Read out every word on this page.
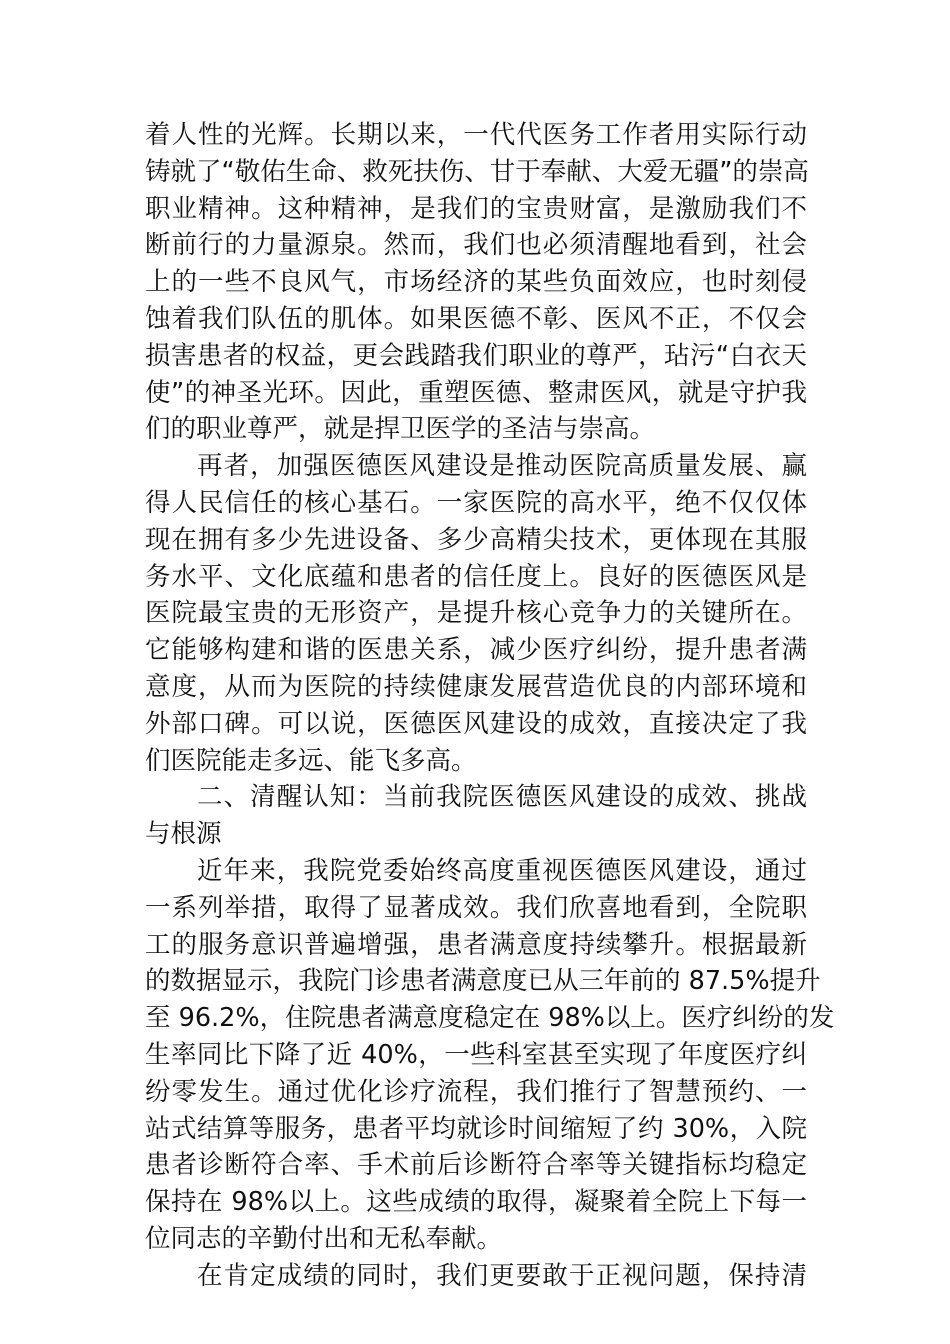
着人性的光辉。长期以来，一代代医务工作者用实际行动
铸就了“敬佑生命、救死扶伤、甘于奉献、大爱无疆”的崇高
职业精神。这种精神，是我们的宝贵财富，是激励我们不
断前行的力量源泉。然而，我们也必须清醒地看到，社会
上的一些不良风气，市场经济的某些负面效应，也时刻侵
蚀着我们队伍的肌体。如果医德不彰、医风不正，不仅会
损害患者的权益，更会践踏我们职业的尊严，玷污“白衣天
使”的神圣光环。因此，重塑医德、整肃医风，就是守护我
们的职业尊严，就是捍卫医学的圣洁与崇高。
再者，加强医德医风建设是推动医院高质量发展、赢
得人民信任的核心基石。一家医院的高水平，绝不仅仅体
现在拥有多少先进设备、多少高精尖技术，更体现在其服
务水平、文化底蕴和患者的信任度上。良好的医德医风是
医院最宝贵的无形资产，是提升核心竞争力的关键所在。
它能够构建和谐的医患关系，减少医疗纠纷，提升患者满
意度，从而为医院的持续健康发展营造优良的内部环境和
外部口碑。可以说，医德医风建设的成效，直接决定了我
们医院能走多远、能飞多高。
二、清醒认知：当前我院医德医风建设的成效、挑战
与根源
近年来，我院党委始终高度重视医德医风建设，通过
一系列举措，取得了显著成效。我们欣喜地看到，全院职
工的服务意识普遍增强，患者满意度持续攀升。根据最新
的数据显示，我院门诊患者满意度已从三年前的 87.5%提升
至 96.2%，住院患者满意度稳定在 98%以上。医疗纠纷的发
生率同比下降了近 40%，一些科室甚至实现了年度医疗纠
纷零发生。通过优化诊疗流程，我们推行了智慧预约、一
站式结算等服务，患者平均就诊时间缩短了约 30%，入院
患者诊断符合率、手术前后诊断符合率等关键指标均稳定
保持在 98%以上。这些成绩的取得，凝聚着全院上下每一
位同志的辛勤付出和无私奉献。
在肯定成绩的同时，我们更要敢于正视问题，保持清
